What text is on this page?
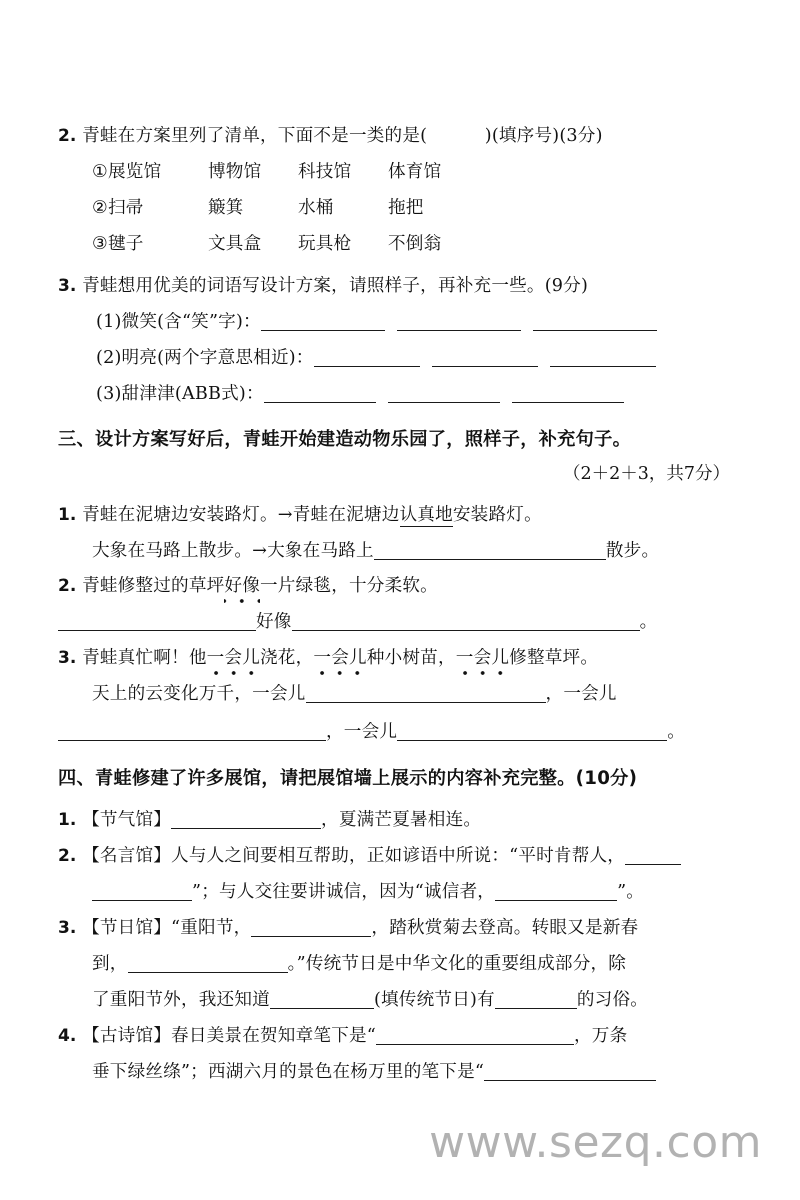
2. 青蛙在方案里列了清单，下面不是一类的是(	)(填序号)(3分)
①展览馆	博物馆 科技馆 体育馆
②扫帚	簸箕	水桶	拖把
③毽子	文具盒 玩具枪 不倒翁
3. 青蛙想用优美的词语写设计方案，请照样子，再补充一些。(9分)
(1)微笑(含“笑”字)：
(2)明亮(两个字意思相近)：
(3)甜津津(ABB式)：
三、设计方案写好后，青蛙开始建造动物乐园了，照样子，补充句子。
（2＋2＋3，共7分）
1. 青蛙在泥塘边安装路灯。→青蛙在泥塘边认真地安装路灯。
大象在马路上散步。→大象在马路上	散步。
2. 青蛙修整过的草坪好像一片绿毯，十分柔软。
好像	。
3. 青蛙真忙啊！他一会儿浇花，一会儿种小树苗，一会儿修整草坪。
天上的云变化万千，一会儿	，一会儿
，一会儿	。
四、青蛙修建了许多展馆，请把展馆墙上展示的内容补充完整。(10分)
1. 【节气馆】	，夏满芒夏暑相连。
2. 【名言馆】人与人之间要相互帮助，正如谚语中所说：“平时肯帮人，
”；与人交往要讲诚信，因为“诚信者，	”。
3. 【节日馆】“重阳节，	，踏秋赏菊去登高。转眼又是新春
到，	。”传统节日是中华文化的重要组成部分，除
了重阳节外，我还知道	(填传统节日)有	的习俗。
4. 【古诗馆】春日美景在贺知章笔下是“	，万条
垂下绿丝绦”；西湖六月的景色在杨万里的笔下是“
www.sezq.com
